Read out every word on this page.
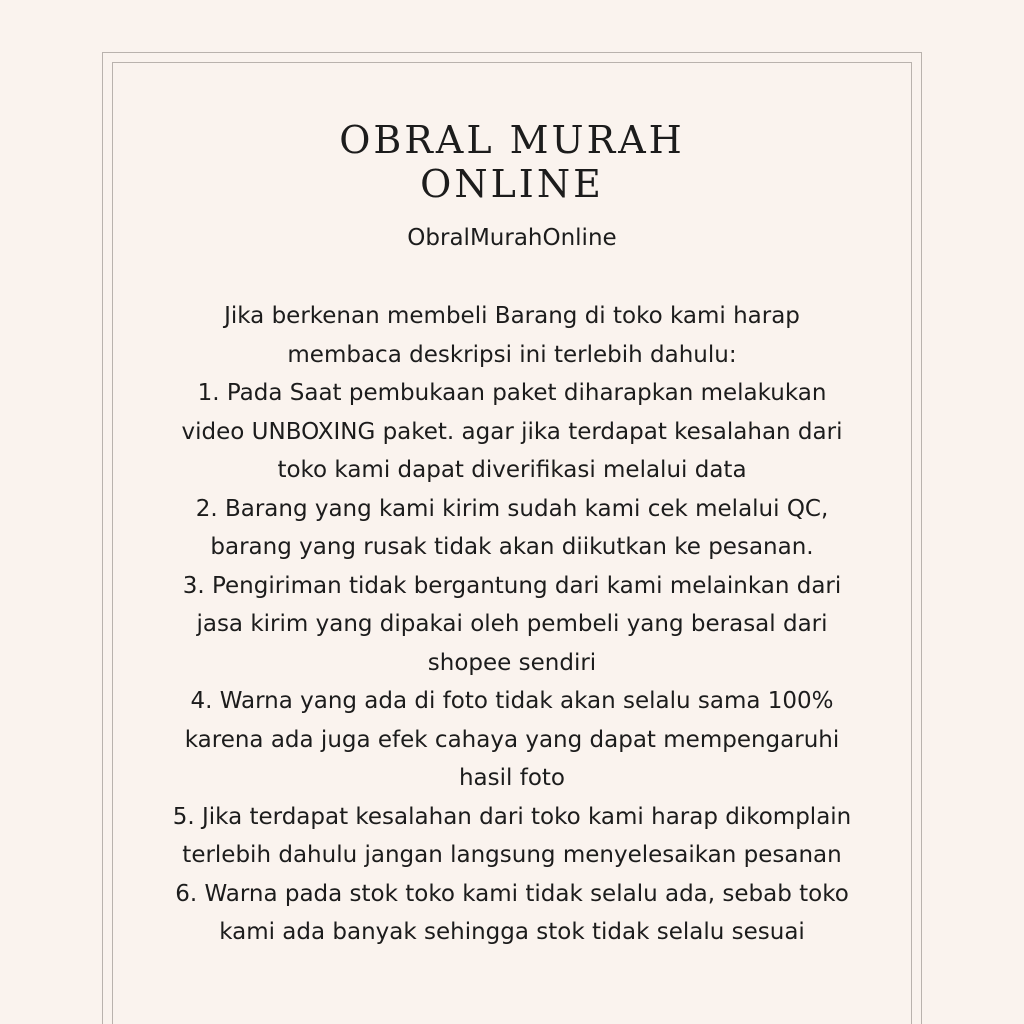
OBRAL MURAH
ONLINE
ObralMurahOnline
Jika berkenan membeli Barang di toko kami harap
membaca deskripsi ini terlebih dahulu:
1. Pada Saat pembukaan paket diharapkan melakukan
video UNBOXING paket. agar jika terdapat kesalahan dari
toko kami dapat diverifikasi melalui data
2. Barang yang kami kirim sudah kami cek melalui QC,
barang yang rusak tidak akan diikutkan ke pesanan.
3. Pengiriman tidak bergantung dari kami melainkan dari
jasa kirim yang dipakai oleh pembeli yang berasal dari
shopee sendiri
4. Warna yang ada di foto tidak akan selalu sama 100%
karena ada juga efek cahaya yang dapat mempengaruhi
hasil foto
5. Jika terdapat kesalahan dari toko kami harap dikomplain
terlebih dahulu jangan langsung menyelesaikan pesanan
6. Warna pada stok toko kami tidak selalu ada, sebab toko
kami ada banyak sehingga stok tidak selalu sesuai
